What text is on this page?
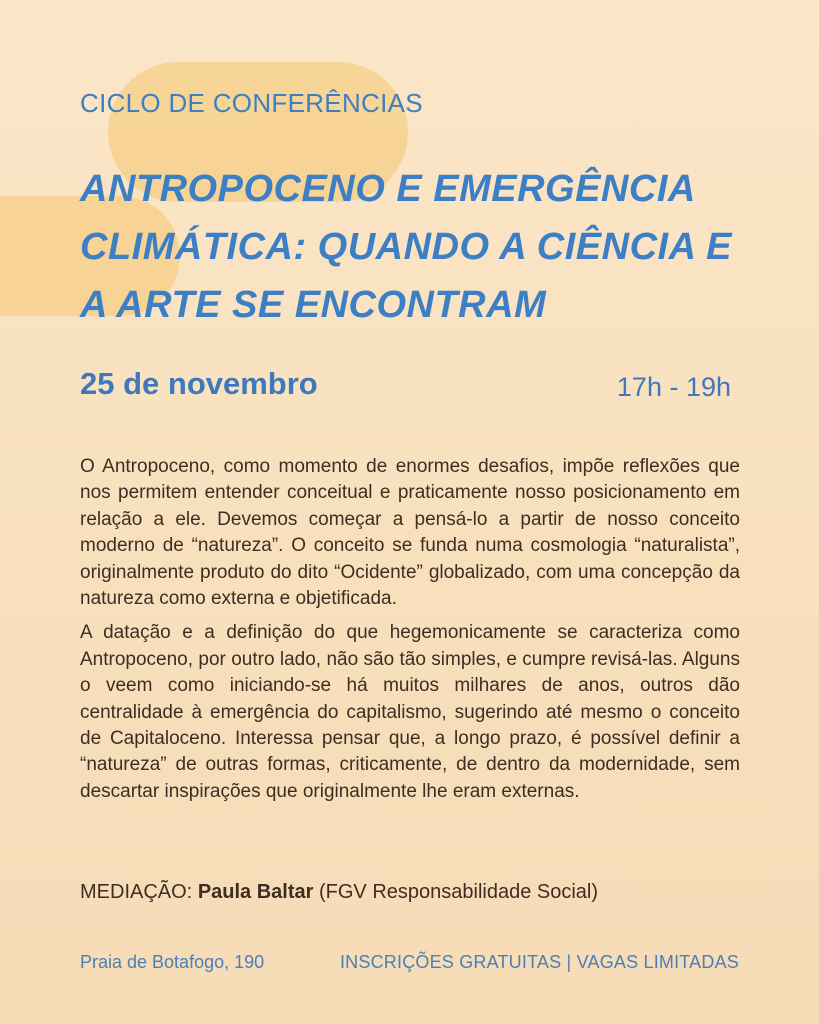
CICLO DE CONFERÊNCIAS
ANTROPOCENO E EMERGÊNCIA CLIMÁTICA: QUANDO A CIÊNCIA E A ARTE SE ENCONTRAM
25 de novembro	17h - 19h

O Antropoceno, como momento de enormes desafios, impõe reflexões que nos permitem entender conceitual e praticamente nosso posicionamento em relação a ele. Devemos começar a pensá-lo a partir de nosso conceito moderno de “natureza”. O conceito se funda numa cosmologia “naturalista”, originalmente produto do dito “Ocidente” globalizado, com uma concepção da natureza como externa e objetificada.

A datação e a definição do que hegemonicamente se caracteriza como Antropoceno, por outro lado, não são tão simples, e cumpre revisá-las. Alguns o veem como iniciando-se há muitos milhares de anos, outros dão centralidade à emergência do capitalismo, sugerindo até mesmo o conceito de Capitaloceno. Interessa pensar que, a longo prazo, é possível definir a “natureza” de outras formas, criticamente, de dentro da modernidade, sem descartar inspirações que originalmente lhe eram externas.

MEDIAÇÃO: Paula Baltar (FGV Responsabilidade Social)
Praia de Botafogo, 190	INSCRIÇÕES GRATUITAS | VAGAS LIMITADAS
